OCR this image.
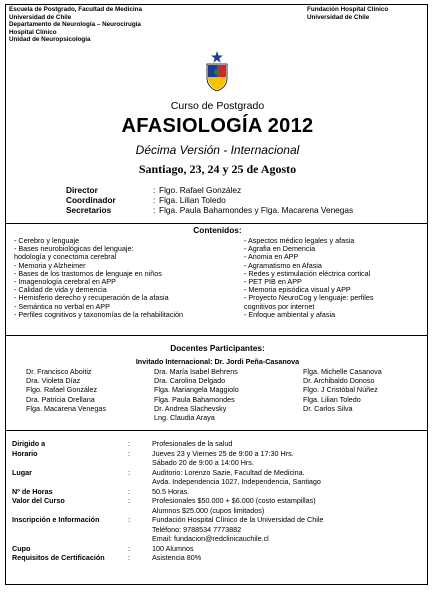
Escuela de Postgrado, Facultad de Medicina
Universidad de Chile
Departamento de Neurología – Neurocirugía
Hospital Clínico
Unidad de Neuropsicología
Fundación Hospital Clínico
Universidad de Chile
Curso de Postgrado
AFASIOLOGÍA 2012
Décima Versión - Internacional
Santiago, 23, 24 y 25 de Agosto
Director	: Flgo. Rafael González
Coordinador	: Flga. Lilian Toledo
Secretarios	: Flga. Paula Bahamondes y Flga. Macarena Venegas
Contenidos:
- Cerebro y lenguaje
- Bases neurobiológicas del lenguaje:
hodología y conectoma cerebral
- Memoria y Alzheimer
- Bases de los trastornos de lenguaje en niños
- Imagenología cerebral en APP
- Calidad de vida y demencia
- Hemisferio derecho y recuperación de la afasia
- Semántica no verbal en APP
- Perfiles cognitivos y taxonomías de la rehabilitación
- Aspectos médico legales y afasia
- Agrafia en Demencia
- Anomia en APP
- Agramatismo en Afasia
- Redes y estimulación eléctrica cortical
- PET PIB en APP
- Memoria episódica visual y APP
- Proyecto NeuroCog y lenguaje: perfiles
cognitivos por internet
- Enfoque ambiental y afasia
Docentes Participantes:
Invitado Internacional: Dr. Jordi Peña-Casanova
Dr. Francisco Aboitiz
Dra. Violeta Díaz
Flgo. Rafael González
Dra. Patricia Orellana
Flga. Macarena Venegas
Dra. María Isabel Behrens
Dra. Carolina Delgado
Flga. Mariangela Maggiolo
Flga. Paula Bahamondes
Dr. Andrea Slachevsky
Lng. Claudia Araya
Flga. Michelle Casanova
Dr. Archibaldo Donoso
Flgo. J Cristóbal Núñez
Flga. Lilian Toledo
Dr. Carlos Silva
Dirigido a	:	Profesionales de la salud
Horario	:	Jueves 23 y Viernes 25 de 9:00 a 17:30 Hrs.
Sábado 20 de 9:00 a 14:00 Hrs.
Lugar	:	Auditorio: Lorenzo Sazie, Facultad de Medicina.
Avda. Independencia 1027, Independencia, Santiago
Nº de Horas	:	50.5 Horas.
Valor del Curso	:	Profesionales $50.000 + $6.000 (costo estampillas)
Alumnos $25.000 (cupos limitados)
Inscripción e Información	:	Fundación Hospital Clínico de la Universidad de Chile
Teléfono: 9788534 7773882
Email: fundacion@redclinicauchile.cl
Cupo	:	100 Alumnos
Requisitos de Certificación	:	Asistencia 80%
